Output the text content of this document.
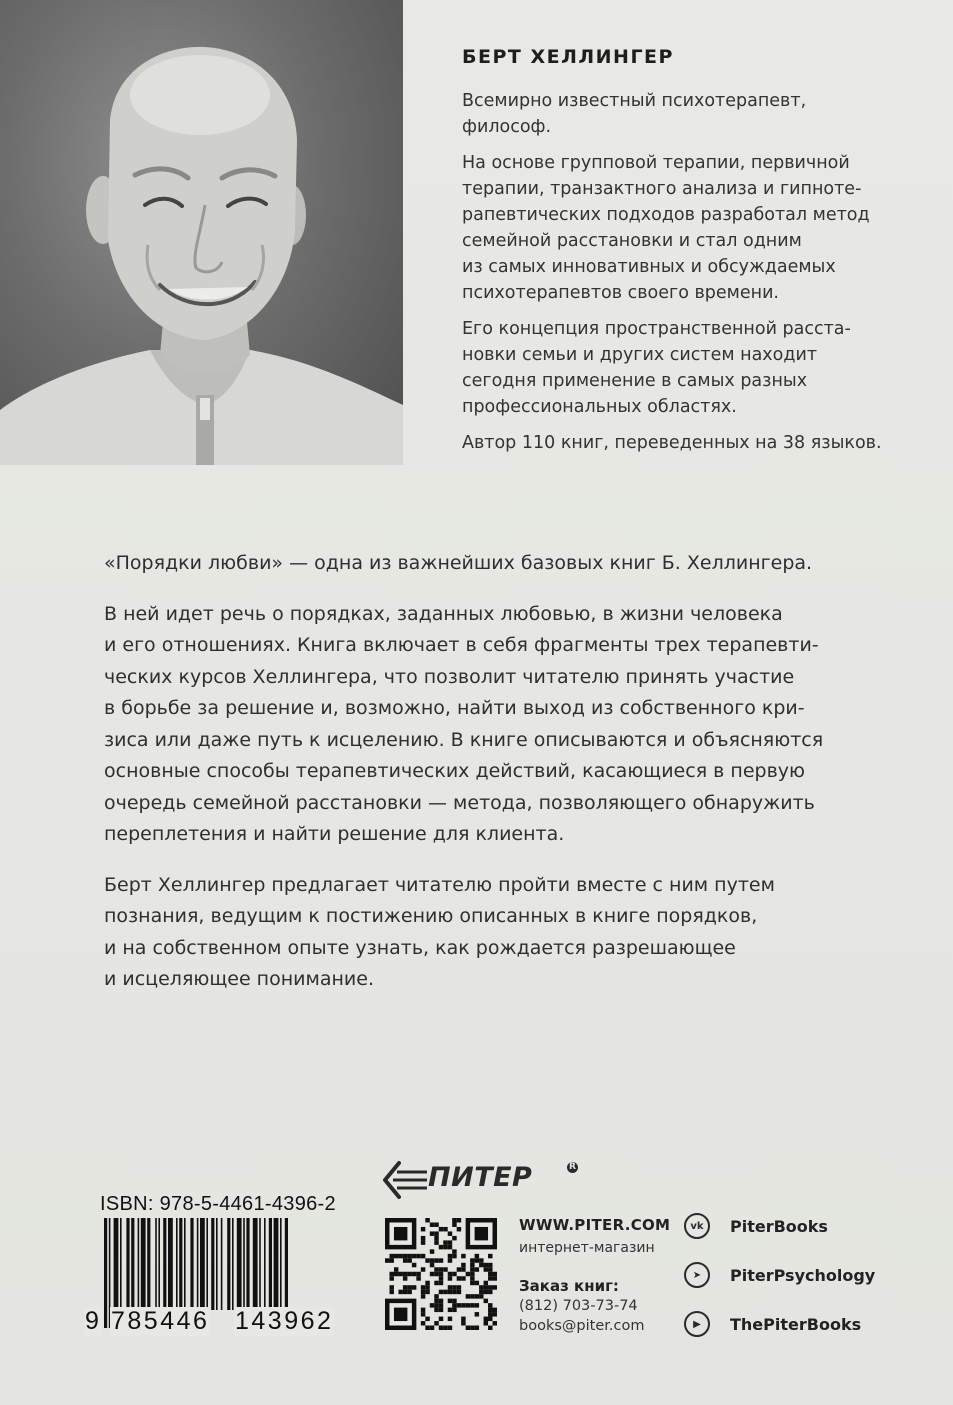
БЕРТ ХЕЛЛИНГЕР

Всемирно известный психотерапевт,
философ.

На основе групповой терапии, первичной
терапии, транзактного анализа и гипноте-
рапевтических подходов разработал метод
семейной расстановки и стал одним
из самых инновативных и обсуждаемых
психотерапевтов своего времени.

Его концепция пространственной расста-
новки семьи и других систем находит
сегодня применение в самых разных
профессиональных областях.

Автор 110 книг, переведенных на 38 языков.

«Порядки любви» — одна из важнейших базовых книг Б. Хеллингера.

В ней идет речь о порядках, заданных любовью, в жизни человека
и его отношениях. Книга включает в себя фрагменты трех терапевти-
ческих курсов Хеллингера, что позволит читателю принять участие
в борьбе за решение и, возможно, найти выход из собственного кри-
зиса или даже путь к исцелению. В книге описываются и объясняются
основные способы терапевтических действий, касающиеся в первую
очередь семейной расстановки — метода, позволяющего обнаружить
переплетения и найти решение для клиента.

Берт Хеллингер предлагает читателю пройти вместе с ним путем
познания, ведущим к постижению описанных в книге порядков,
и на собственном опыте узнать, как рождается разрешающее
и исцеляющее понимание.

ПИТЕР	R
ISBN: 978-5-4461-4396-2
9 785446 143962
WWW.PITER.COM
интернет-магазин
Заказ книг:
(812) 703-73-74
books@piter.com
vk	PiterBooks
➤	PiterPsychology
▶	ThePiterBooks
